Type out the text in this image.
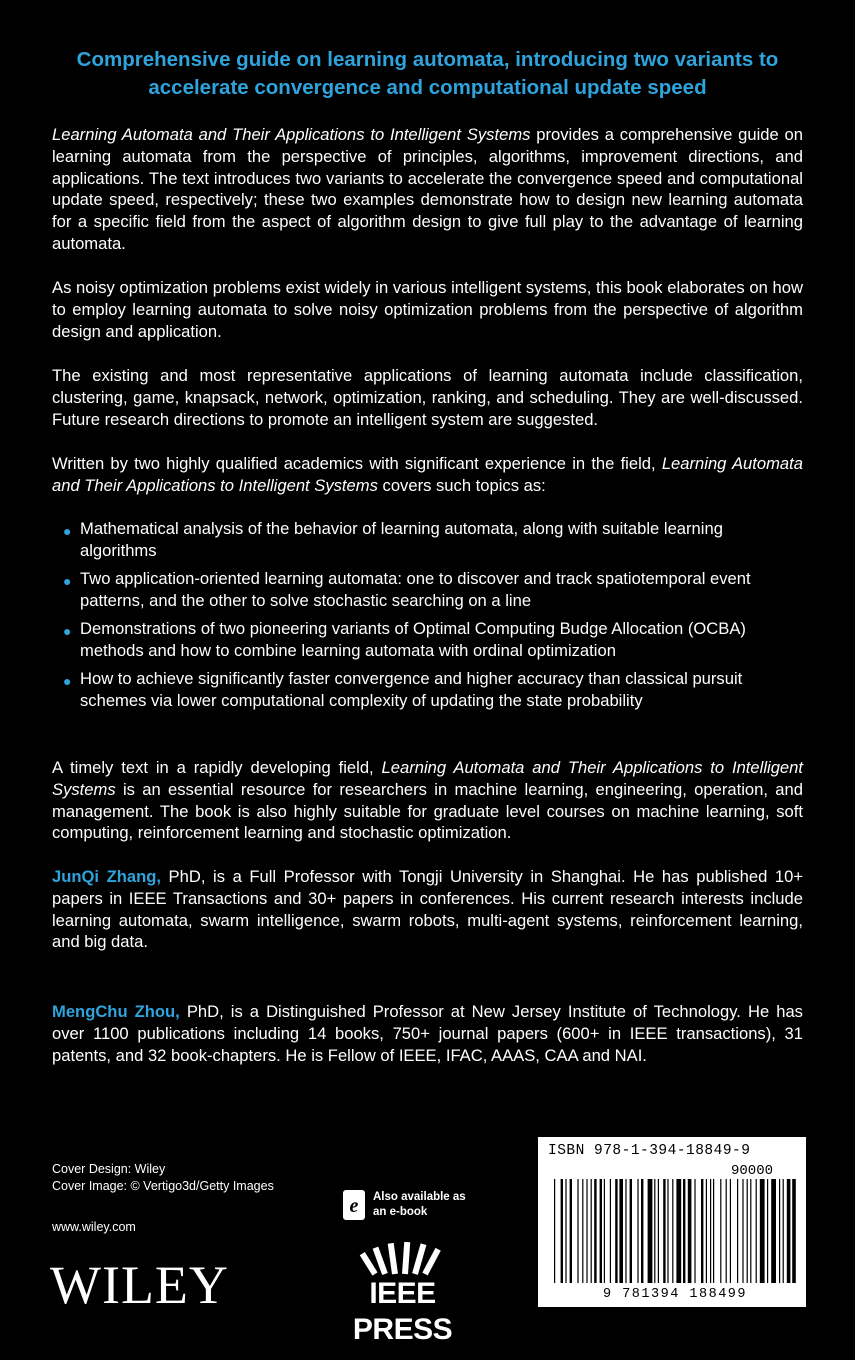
Comprehensive guide on learning automata, introducing two variants to accelerate convergence and computational update speed

Learning Automata and Their Applications to Intelligent Systems provides a comprehensive guide on learning automata from the perspective of principles, algorithms, improvement directions, and applications. The text introduces two variants to accelerate the convergence speed and computational update speed, respectively; these two examples demonstrate how to design new learning automata for a specific field from the aspect of algorithm design to give full play to the advantage of learning automata.

As noisy optimization problems exist widely in various intelligent systems, this book elaborates on how to employ learning automata to solve noisy optimization problems from the perspective of algorithm design and application.

The existing and most representative applications of learning automata include classification, clustering, game, knapsack, network, optimization, ranking, and scheduling. They are well-discussed. Future research directions to promote an intelligent system are suggested.

Written by two highly qualified academics with significant experience in the field, Learning Automata and Their Applications to Intelligent Systems covers such topics as:

● Mathematical analysis of the behavior of learning automata, along with suitable learning algorithms
● Two application-oriented learning automata: one to discover and track spatiotemporal event patterns, and the other to solve stochastic searching on a line
● Demonstrations of two pioneering variants of Optimal Computing Budge Allocation (OCBA) methods and how to combine learning automata with ordinal optimization
● How to achieve significantly faster convergence and higher accuracy than classical pursuit schemes via lower computational complexity of updating the state probability

A timely text in a rapidly developing field, Learning Automata and Their Applications to Intelligent Systems is an essential resource for researchers in machine learning, engineering, operation, and management. The book is also highly suitable for graduate level courses on machine learning, soft computing, reinforcement learning and stochastic optimization.

JunQi Zhang, PhD, is a Full Professor with Tongji University in Shanghai. He has published 10+ papers in IEEE Transactions and 30+ papers in conferences. His current research interests include learning automata, swarm intelligence, swarm robots, multi-agent systems, reinforcement learning, and big data.

MengChu Zhou, PhD, is a Distinguished Professor at New Jersey Institute of Technology. He has over 1100 publications including 14 books, 750+ journal papers (600+ in IEEE transactions), 31 patents, and 32 book-chapters. He is Fellow of IEEE, IFAC, AAAS, CAA and NAI.

Cover Design: Wiley
Cover Image: © Vertigo3d/Getty Images
www.wiley.com
WILEY
e	Also available as an e-book
IEEE PRESS
ISBN 978-1-394-18849-9
90000
9 781394 188499
